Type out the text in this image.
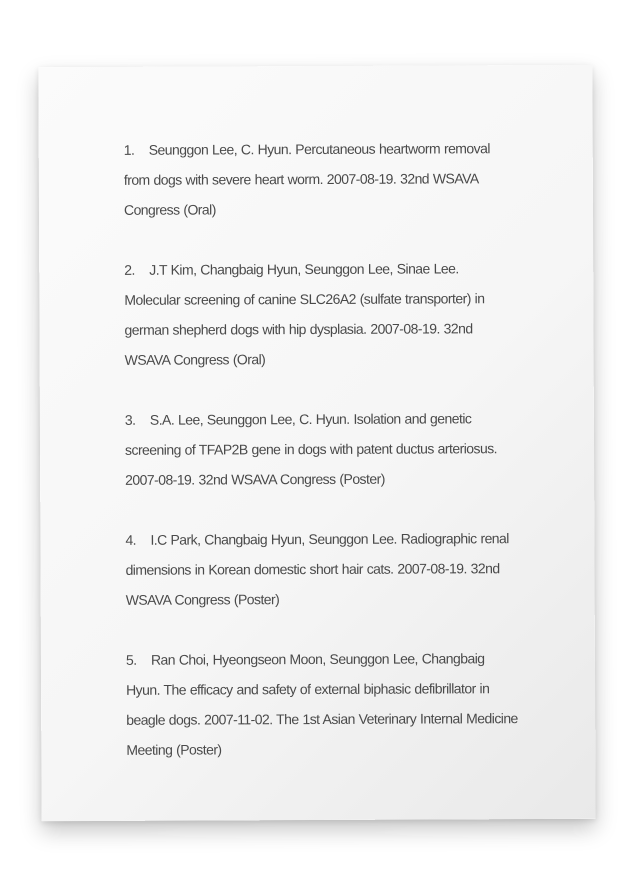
1. Seunggon Lee, C. Hyun. Percutaneous heartworm removal from dogs with severe heart worm. 2007-08-19. 32nd WSAVA Congress (Oral)
2. J.T Kim, Changbaig Hyun, Seunggon Lee, Sinae Lee. Molecular screening of canine SLC26A2 (sulfate transporter) in german shepherd dogs with hip dysplasia. 2007-08-19. 32nd WSAVA Congress (Oral)
3. S.A. Lee, Seunggon Lee, C. Hyun. Isolation and genetic screening of TFAP2B gene in dogs with patent ductus arteriosus. 2007-08-19. 32nd WSAVA Congress (Poster)
4. I.C Park, Changbaig Hyun, Seunggon Lee. Radiographic renal dimensions in Korean domestic short hair cats. 2007-08-19. 32nd WSAVA Congress (Poster)
5. Ran Choi, Hyeongseon Moon, Seunggon Lee, Changbaig Hyun. The efficacy and safety of external biphasic defibrillator in beagle dogs. 2007-11-02. The 1st Asian Veterinary Internal Medicine Meeting (Poster)
